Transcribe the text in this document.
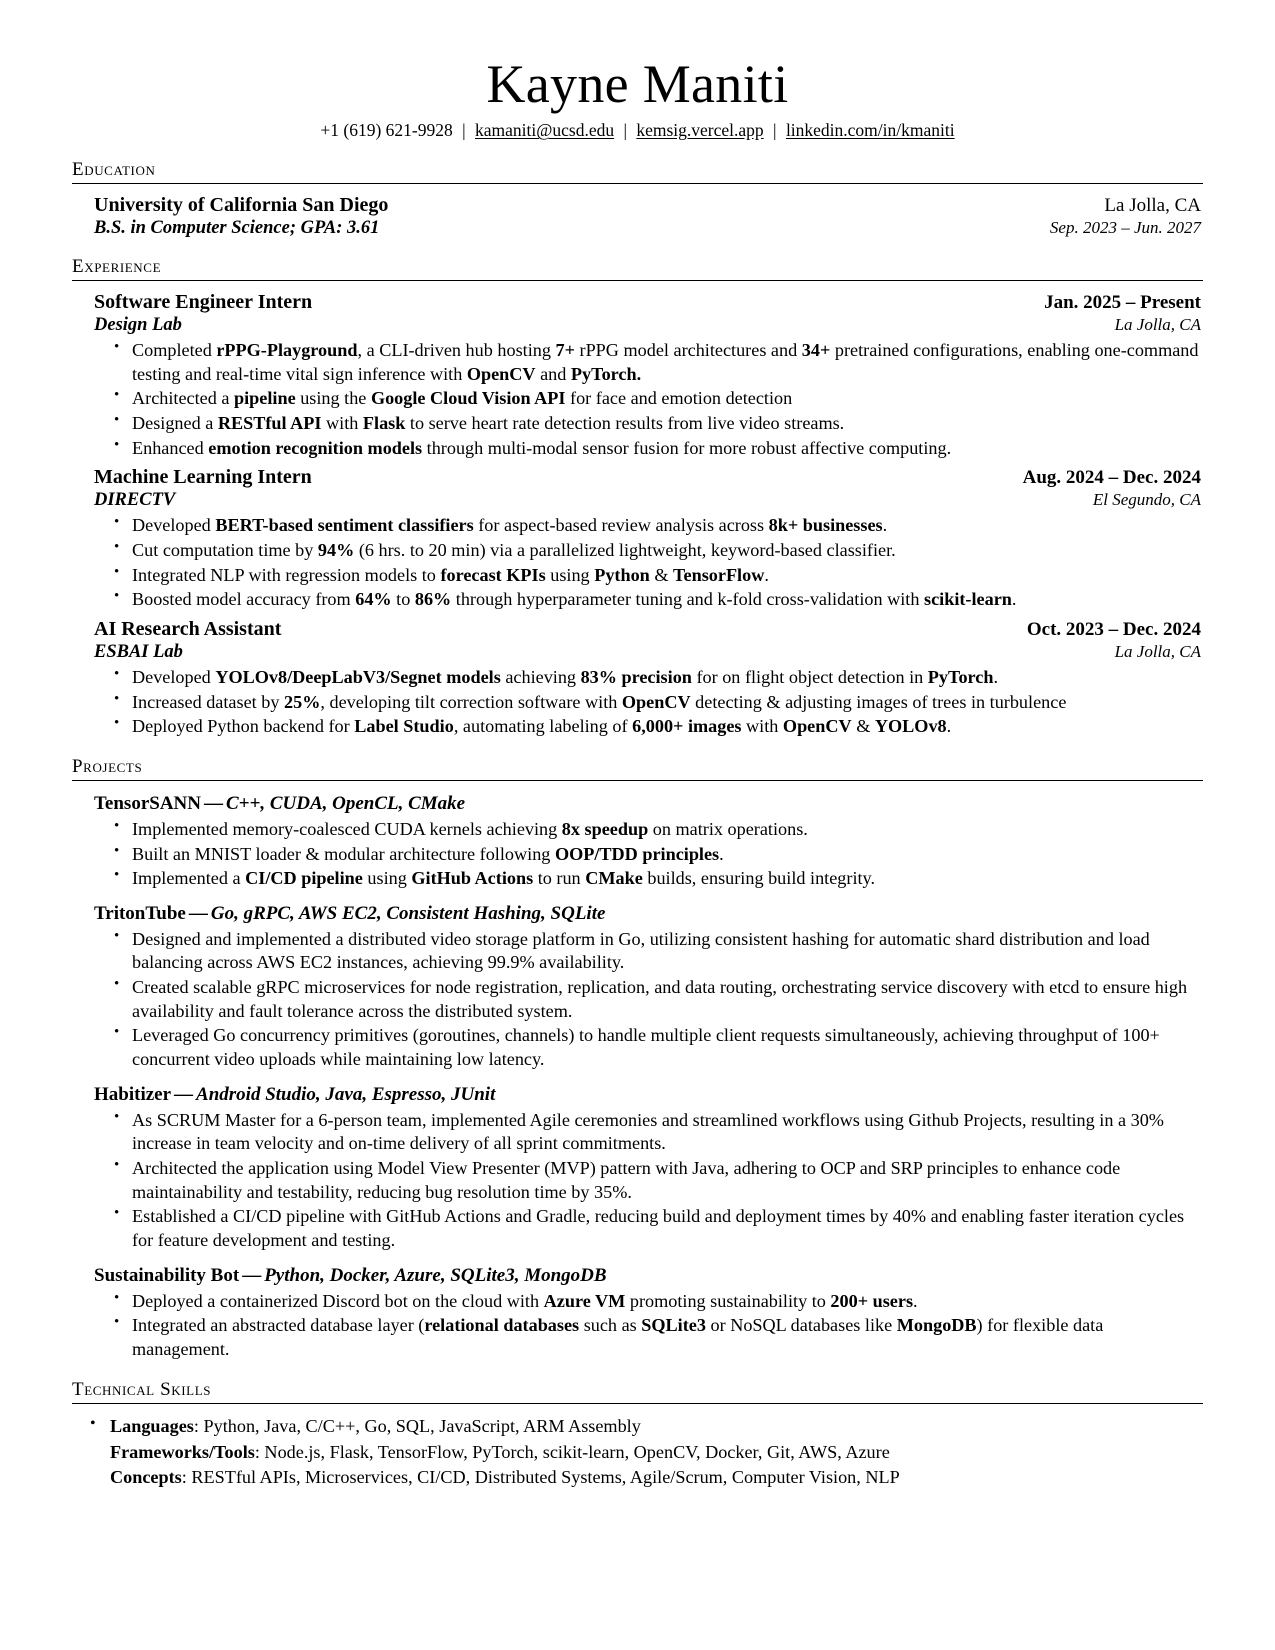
Kayne Maniti
+1 (619) 621-9928 | kamaniti@ucsd.edu | kemsig.vercel.app | linkedin.com/in/kmaniti
Education
University of California San Diego	La Jolla, CA
B.S. in Computer Science; GPA: 3.61	Sep. 2023 – Jun. 2027
Experience
Software Engineer Intern	Jan. 2025 – Present
Design Lab	La Jolla, CA
• Completed rPPG-Playground, a CLI-driven hub hosting 7+ rPPG model architectures and 34+ pretrained configurations, enabling one-command testing and real-time vital sign inference with OpenCV and PyTorch.
• Architected a pipeline using the Google Cloud Vision API for face and emotion detection
• Designed a RESTful API with Flask to serve heart rate detection results from live video streams.
• Enhanced emotion recognition models through multi-modal sensor fusion for more robust affective computing.
Machine Learning Intern	Aug. 2024 – Dec. 2024
DIRECTV	El Segundo, CA
• Developed BERT-based sentiment classifiers for aspect-based review analysis across 8k+ businesses.
• Cut computation time by 94% (6 hrs. to 20 min) via a parallelized lightweight, keyword-based classifier.
• Integrated NLP with regression models to forecast KPIs using Python & TensorFlow.
• Boosted model accuracy from 64% to 86% through hyperparameter tuning and k-fold cross-validation with scikit-learn.
AI Research Assistant	Oct. 2023 – Dec. 2024
ESBAI Lab	La Jolla, CA
• Developed YOLOv8/DeepLabV3/Segnet models achieving 83% precision for on flight object detection in PyTorch.
• Increased dataset by 25%, developing tilt correction software with OpenCV detecting & adjusting images of trees in turbulence
• Deployed Python backend for Label Studio, automating labeling of 6,000+ images with OpenCV & YOLOv8.
Projects
TensorSANN — C++, CUDA, OpenCL, CMake
• Implemented memory-coalesced CUDA kernels achieving 8x speedup on matrix operations.
• Built an MNIST loader & modular architecture following OOP/TDD principles.
• Implemented a CI/CD pipeline using GitHub Actions to run CMake builds, ensuring build integrity.
TritonTube — Go, gRPC, AWS EC2, Consistent Hashing, SQLite
• Designed and implemented a distributed video storage platform in Go, utilizing consistent hashing for automatic shard distribution and load balancing across AWS EC2 instances, achieving 99.9% availability.
• Created scalable gRPC microservices for node registration, replication, and data routing, orchestrating service discovery with etcd to ensure high availability and fault tolerance across the distributed system.
• Leveraged Go concurrency primitives (goroutines, channels) to handle multiple client requests simultaneously, achieving throughput of 100+ concurrent video uploads while maintaining low latency.
Habitizer — Android Studio, Java, Espresso, JUnit
• As SCRUM Master for a 6-person team, implemented Agile ceremonies and streamlined workflows using Github Projects, resulting in a 30% increase in team velocity and on-time delivery of all sprint commitments.
• Architected the application using Model View Presenter (MVP) pattern with Java, adhering to OCP and SRP principles to enhance code maintainability and testability, reducing bug resolution time by 35%.
• Established a CI/CD pipeline with GitHub Actions and Gradle, reducing build and deployment times by 40% and enabling faster iteration cycles for feature development and testing.
Sustainability Bot — Python, Docker, Azure, SQLite3, MongoDB
• Deployed a containerized Discord bot on the cloud with Azure VM promoting sustainability to 200+ users.
• Integrated an abstracted database layer (relational databases such as SQLite3 or NoSQL databases like MongoDB) for flexible data management.
Technical Skills
• Languages: Python, Java, C/C++, Go, SQL, JavaScript, ARM Assembly
Frameworks/Tools: Node.js, Flask, TensorFlow, PyTorch, scikit-learn, OpenCV, Docker, Git, AWS, Azure
Concepts: RESTful APIs, Microservices, CI/CD, Distributed Systems, Agile/Scrum, Computer Vision, NLP
